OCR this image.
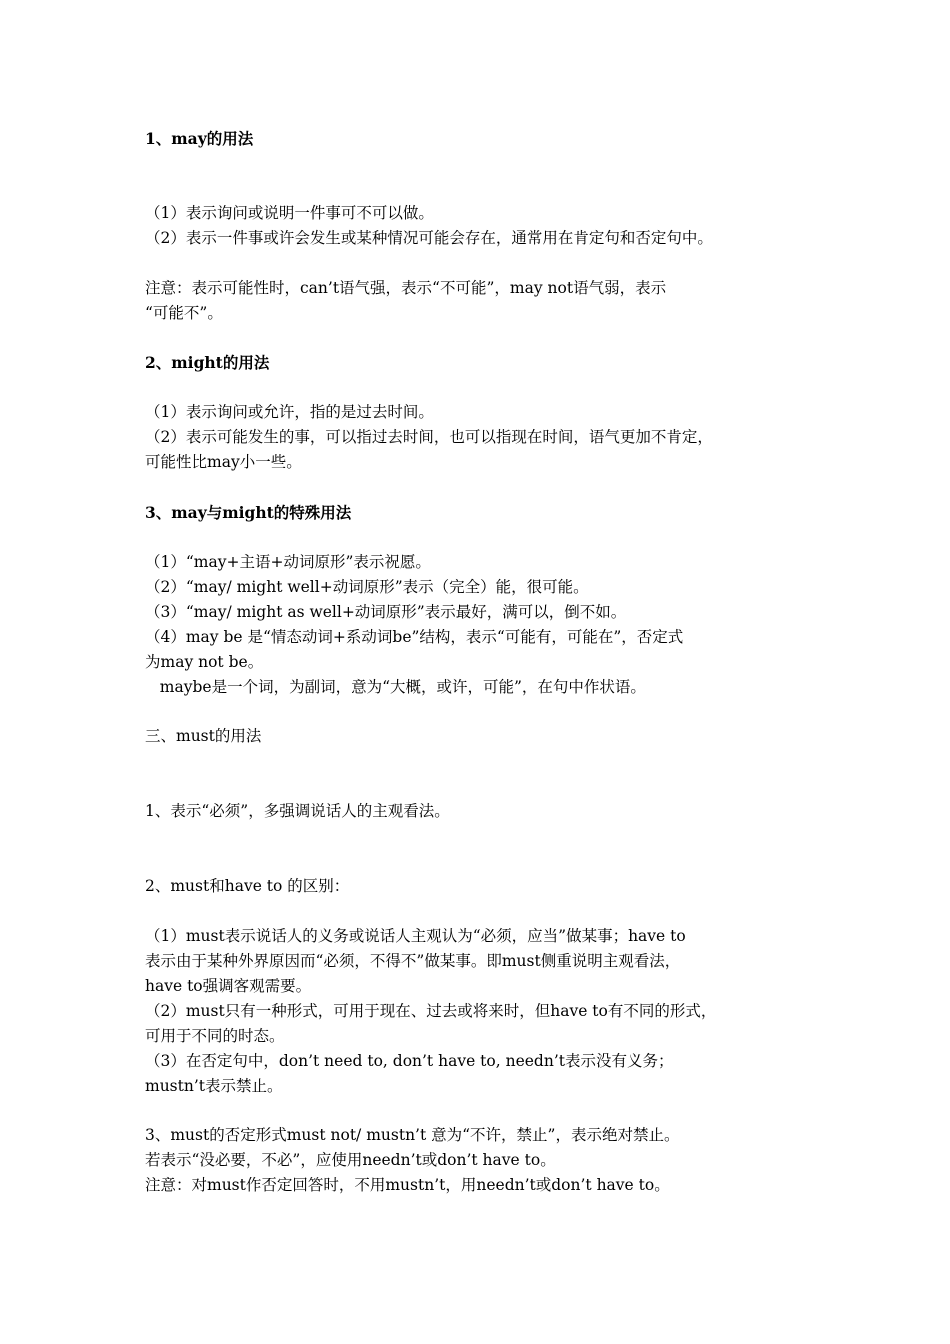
1、may的用法
（1）表示询问或说明一件事可不可以做。
（2）表示一件事或许会发生或某种情况可能会存在，通常用在肯定句和否定句中。
注意：表示可能性时，can’t语气强，表示“不可能”，may not语气弱，表示
“可能不”。
2、might的用法
（1）表示询问或允许，指的是过去时间。
（2）表示可能发生的事，可以指过去时间，也可以指现在时间，语气更加不肯定，
可能性比may小一些。
3、may与might的特殊用法
（1）“may+主语+动词原形”表示祝愿。
（2）“may/ might well+动词原形”表示（完全）能，很可能。
（3）“may/ might as well+动词原形”表示最好，满可以，倒不如。
（4）may be 是“情态动词+系动词be”结构，表示“可能有，可能在”，否定式
为may not be。
maybe是一个词，为副词，意为“大概，或许，可能”，在句中作状语。
三、must的用法
1、表示“必须”，多强调说话人的主观看法。
2、must和have to 的区别：
（1）must表示说话人的义务或说话人主观认为“必须，应当”做某事；have to
表示由于某种外界原因而“必须，不得不”做某事。即must侧重说明主观看法，
have to强调客观需要。
（2）must只有一种形式，可用于现在、过去或将来时，但have to有不同的形式，
可用于不同的时态。
（3）在否定句中，don’t need to, don’t have to, needn’t表示没有义务；
mustn’t表示禁止。
3、must的否定形式must not/ mustn’t 意为“不许，禁止”，表示绝对禁止。
若表示“没必要，不必”，应使用needn’t或don’t have to。
注意：对must作否定回答时，不用mustn’t，用needn’t或don’t have to。
